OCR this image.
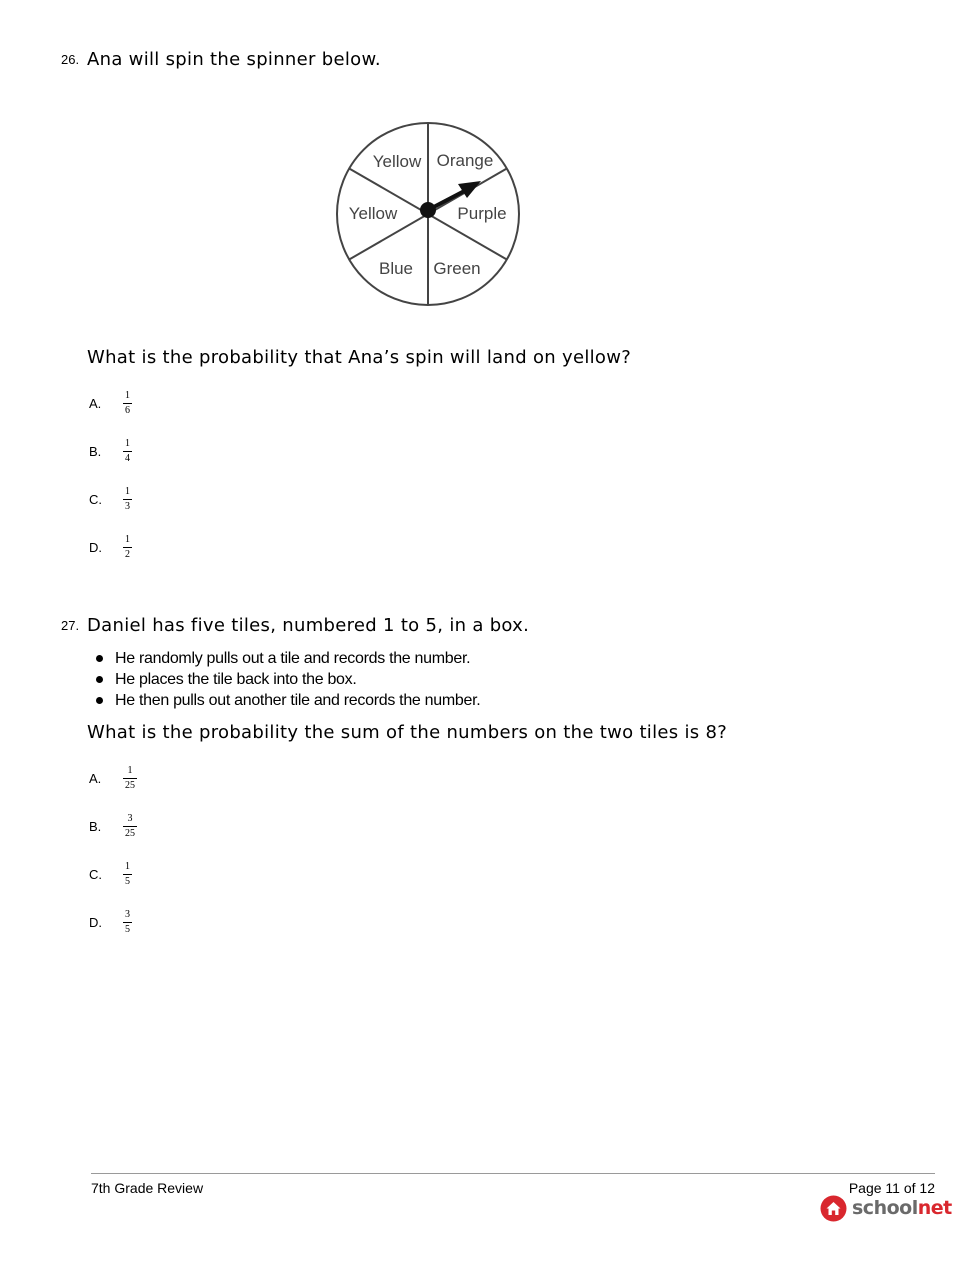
26. Ana will spin the spinner below.
Yellow Orange
Purple
Green
Blue
Yellow
What is the probability that Ana’s spin will land on yellow?
A.
1
6
B.
1
4
C.
1
3
D.
1
2
27. Daniel has five tiles, numbered 1 to 5, in a box.
He randomly pulls out a tile and records the number.
He places the tile back into the box.
He then pulls out another tile and records the number.
What is the probability the sum of the numbers on the two tiles is 8?
A.
1
25
B.
3
25
C.
1
5
D.
3
5
7th Grade Review	Page 11 of 12
schoolnet
